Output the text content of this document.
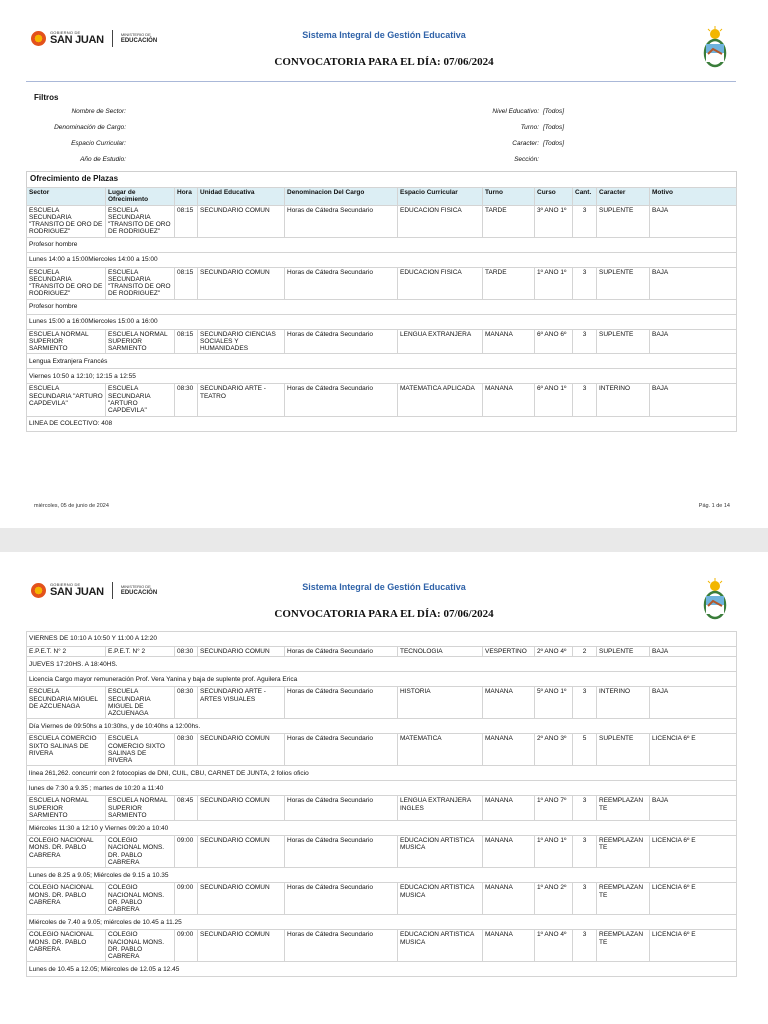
GOBIERNO DE
SAN JUAN	MINISTERIO DE
EDUCACIÓN
Sistema Integral de Gestión Educativa
CONVOCATORIA PARA EL DÍA: 07/06/2024
Filtros
Nombre de Sector:
Denominación de Cargo:
Espacio Curricular:
Año de Estudio:
Nivel Educativo: [Todos]
Turno: [Todos]
Caracter: [Todos]
Sección:
Ofrecimiento de Plazas
Sector	Lugar de Ofrecimiento	Hora	Unidad Educativa	Denominacion Del Cargo	Espacio Curricular	Turno	Curso	Cant.	Caracter	Motivo
ESCUELA SECUNDARIA "TRANSITO DE ORO DE RODRIGUEZ"	ESCUELA SECUNDARIA "TRANSITO DE ORO DE RODRIGUEZ"	08:15	SECUNDARIO COMUN	Horas de Cátedra Secundario	EDUCACION FISICA	TARDE	3º ANO 1º	3	SUPLENTE	BAJA
Profesor hombre										
Lunes 14:00 a 15:00Miercoles 14:00 a 15:00										
ESCUELA SECUNDARIA "TRANSITO DE ORO DE RODRIGUEZ"	ESCUELA SECUNDARIA "TRANSITO DE ORO DE RODRIGUEZ"	08:15	SECUNDARIO COMUN	Horas de Cátedra Secundario	EDUCACION FISICA	TARDE	1º ANO 1º	3	SUPLENTE	BAJA
Profesor hombre										
Lunes 15:00 a 16:00Miercoles 15:00 a 16:00										
ESCUELA NORMAL SUPERIOR SARMIENTO	ESCUELA NORMAL SUPERIOR SARMIENTO	08:15	SECUNDARIO CIENCIAS SOCIALES Y HUMANIDADES	Horas de Cátedra Secundario	LENGUA EXTRANJERA	MANANA	6º ANO 6º	3	SUPLENTE	BAJA
Lengua Extranjera Francés										
Viernes 10:50 a 12:10; 12:15 a 12:55										
ESCUELA SECUNDARIA "ARTURO CAPDEVILA"	ESCUELA SECUNDARIA "ARTURO CAPDEVILA"	08:30	SECUNDARIO ARTE - TEATRO	Horas de Cátedra Secundario	MATEMATICA APLICADA	MANANA	6º ANO 1º	3	INTERINO	BAJA
LINEA DE COLECTIVO: 408										
miércoles, 05 de junio de 2024	Pág. 1 de 14
GOBIERNO DE
SAN JUAN	MINISTERIO DE
EDUCACIÓN
Sistema Integral de Gestión Educativa
CONVOCATORIA PARA EL DÍA: 07/06/2024
VIERNES DE 10:10 A 10:50 Y 11:00 A 12:20										
E.P.E.T. N° 2	E.P.E.T. N° 2	08:30	SECUNDARIO COMUN	Horas de Cátedra Secundario	TECNOLOGIA	VESPERTINO	2º ANO 4º	2	SUPLENTE	BAJA
JUEVES 17:20HS. A 18:40HS.										
Licencia Cargo mayor remuneración Prof. Vera Yanina y baja de suplente prof. Aguilera Erica										
ESCUELA SECUNDARIA MIGUEL DE AZCUENAGA	ESCUELA SECUNDARIA MIGUEL DE AZCUENAGA	08:30	SECUNDARIO ARTE - ARTES VISUALES	Horas de Cátedra Secundario	HISTORIA	MANANA	5º ANO 1º	3	INTERINO	BAJA
Día Viernes de 09:50hs a 10:30hs, y de 10:40hs a 12:00hs.										
ESCUELA COMERCIO SIXTO SALINAS DE RIVERA	ESCUELA COMERCIO SIXTO SALINAS DE RIVERA	08:30	SECUNDARIO COMUN	Horas de Cátedra Secundario	MATEMATICA	MANANA	2º ANO 3º	5	SUPLENTE	LICENCIA 6º E
línea 261,262. concurrir con 2 fotocopias de DNI, CUIL, CBU, CARNET DE JUNTA, 2 folios oficio										
lunes de 7:30 a 9.35 ; martes de 10:20 a 11:40										
ESCUELA NORMAL SUPERIOR SARMIENTO	ESCUELA NORMAL SUPERIOR SARMIENTO	08:45	SECUNDARIO COMUN	Horas de Cátedra Secundario	LENGUA EXTRANJERA INGLES	MANANA	1º ANO 7º	3	REEMPLAZANTE	BAJA
Miércoles 11:30 a 12:10 y Viernes 09:20 a 10:40										
COLEGIO NACIONAL MONS. DR. PABLO CABRERA	COLEGIO NACIONAL MONS. DR. PABLO CABRERA	09:00	SECUNDARIO COMUN	Horas de Cátedra Secundario	EDUCACION ARTISTICA MUSICA	MANANA	1º ANO 1º	3	REEMPLAZANTE	LICENCIA 6º E
Lunes de 8.25 a 9.05; Miércoles de 9.15 a 10.35										
COLEGIO NACIONAL MONS. DR. PABLO CABRERA	COLEGIO NACIONAL MONS. DR. PABLO CABRERA	09:00	SECUNDARIO COMUN	Horas de Cátedra Secundario	EDUCACION ARTISTICA MUSICA	MANANA	1º ANO 2º	3	REEMPLAZANTE	LICENCIA 6º E
Miércoles de 7.40 a 9.05; miércoles de 10.45 a 11.25										
COLEGIO NACIONAL MONS. DR. PABLO CABRERA	COLEGIO NACIONAL MONS. DR. PABLO CABRERA	09:00	SECUNDARIO COMUN	Horas de Cátedra Secundario	EDUCACION ARTISTICA MUSICA	MANANA	1º ANO 4º	3	REEMPLAZANTE	LICENCIA 6º E
Lunes de 10.45 a 12.05; Miércoles de 12.05 a 12.45										
